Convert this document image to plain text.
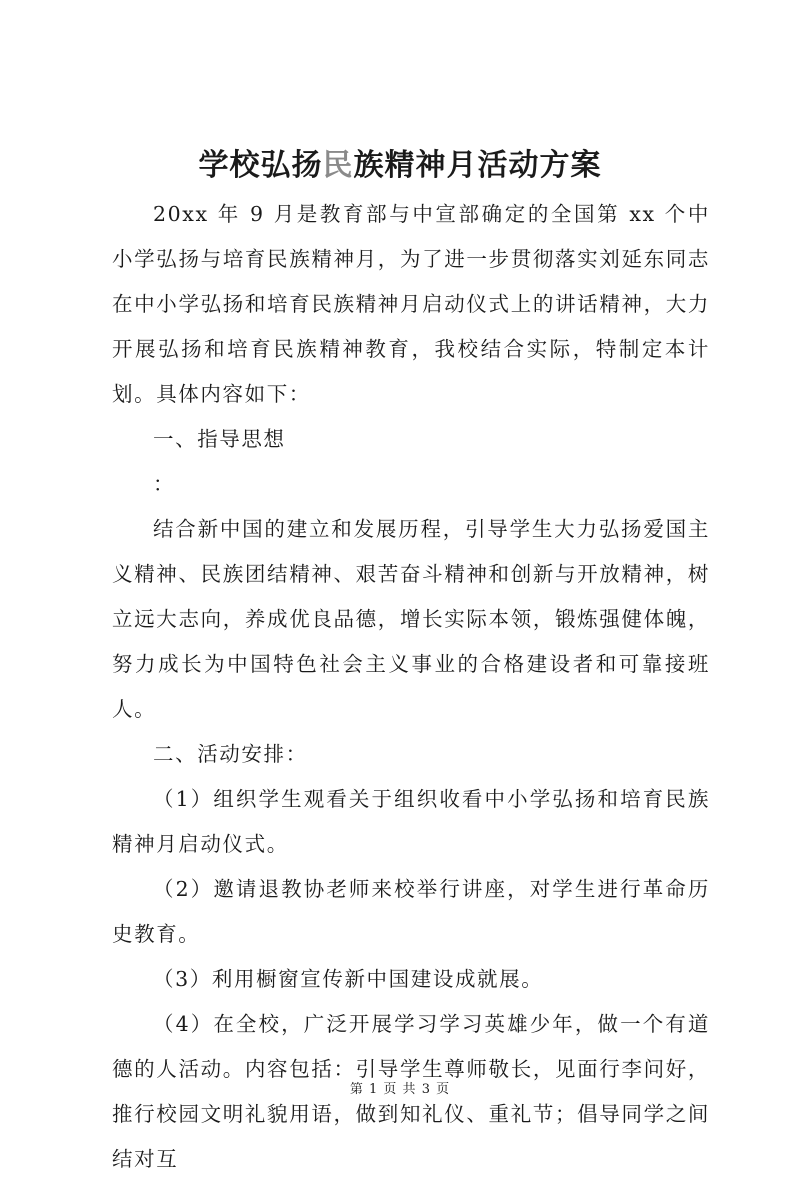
学校弘扬民族精神月活动方案

20xx 年 9 月是教育部与中宣部确定的全国第 xx 个中小学弘扬与培育民族精神月，为了进一步贯彻落实刘延东同志在中小学弘扬和培育民族精神月启动仪式上的讲话精神，大力开展弘扬和培育民族精神教育，我校结合实际，特制定本计划。具体内容如下：

一、指导思想

：

结合新中国的建立和发展历程，引导学生大力弘扬爱国主义精神、民族团结精神、艰苦奋斗精神和创新与开放精神，树立远大志向，养成优良品德，增长实际本领，锻炼强健体魄，努力成长为中国特色社会主义事业的合格建设者和可靠接班人。

二、活动安排：

（1）组织学生观看关于组织收看中小学弘扬和培育民族精神月启动仪式。

（2）邀请退教协老师来校举行讲座，对学生进行革命历史教育。

（3）利用橱窗宣传新中国建设成就展。

（4）在全校，广泛开展学习学习英雄少年，做一个有道德的人活动。内容包括：引导学生尊师敬长，见面行李问好，推行校园文明礼貌用语，做到知礼仪、重礼节；倡导同学之间结对互

第 1 页 共 3 页
